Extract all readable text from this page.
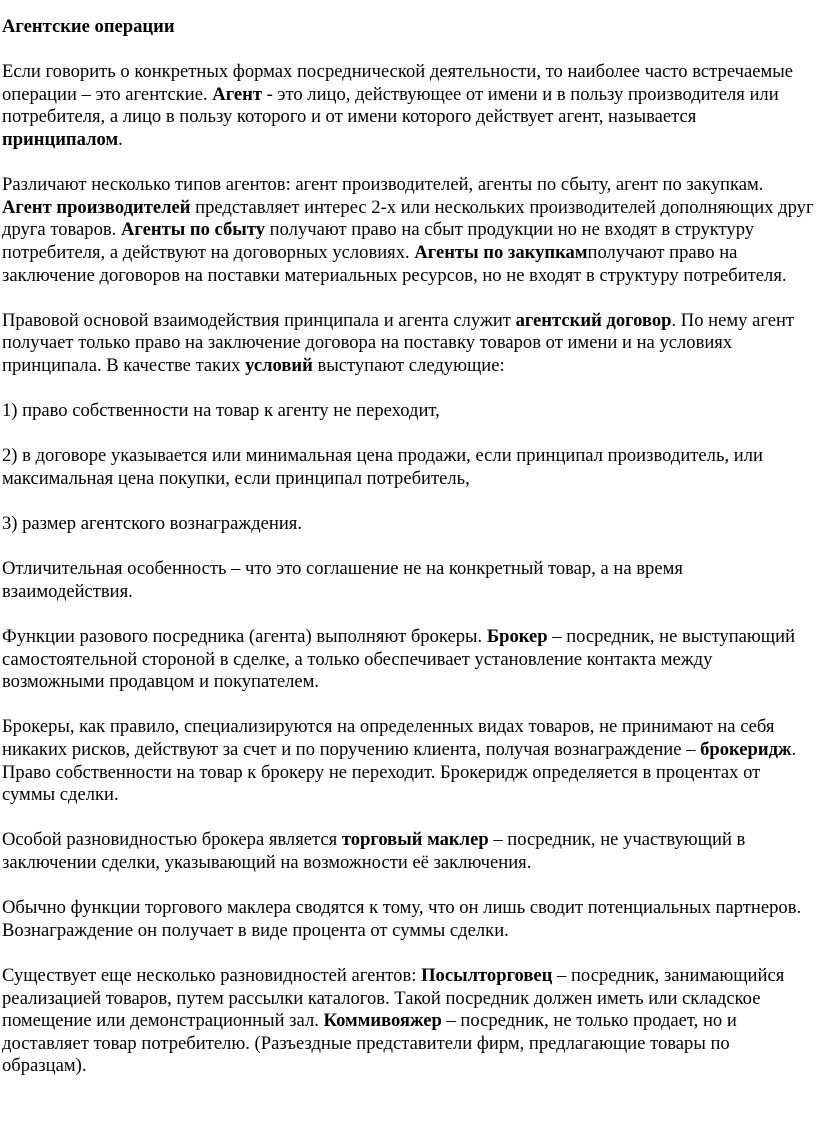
Агентские операции

Если говорить о конкретных формах посреднической деятельности, то наиболее часто встречаемые операции – это агентские. Агент - это лицо, действующее от имени и в пользу производителя или потребителя, а лицо в пользу которого и от имени которого действует агент, называется принципалом.

Различают несколько типов агентов: агент производителей, агенты по сбыту, агент по закупкам. Агент производителей представляет интерес 2-х или нескольких производителей дополняющих друг друга товаров. Агенты по сбыту получают право на сбыт продукции но не входят в структуру потребителя, а действуют на договорных условиях. Агенты по закупкамполучают право на заключение договоров на поставки материальных ресурсов, но не входят в структуру потребителя.

Правовой основой взаимодействия принципала и агента служит агентский договор. По нему агент получает только право на заключение договора на поставку товаров от имени и на условиях принципала. В качестве таких условий выступают следующие:

1) право собственности на товар к агенту не переходит,

2) в договоре указывается или минимальная цена продажи, если принципал производитель, или максимальная цена покупки, если принципал потребитель,

3) размер агентского вознаграждения.

Отличительная особенность – что это соглашение не на конкретный товар, а на время взаимодействия.

Функции разового посредника (агента) выполняют брокеры. Брокер – посредник, не выступающий самостоятельной стороной в сделке, а только обеспечивает установление контакта между возможными продавцом и покупателем.

Брокеры, как правило, специализируются на определенных видах товаров, не принимают на себя никаких рисков, действуют за счет и по поручению клиента, получая вознаграждение – брокеридж. Право собственности на товар к брокеру не переходит. Брокеридж определяется в процентах от суммы сделки.

Особой разновидностью брокера является торговый маклер – посредник, не участвующий в заключении сделки, указывающий на возможности её заключения.

Обычно функции торгового маклера сводятся к тому, что он лишь сводит потенциальных партнеров. Вознаграждение он получает в виде процента от суммы сделки.

Существует еще несколько разновидностей агентов: Посылторговец – посредник, занимающийся реализацией товаров, путем рассылки каталогов. Такой посредник должен иметь или складское помещение или демонстрационный зал. Коммивояжер – посредник, не только продает, но и доставляет товар потребителю. (Разъездные представители фирм, предлагающие товары по образцам).
